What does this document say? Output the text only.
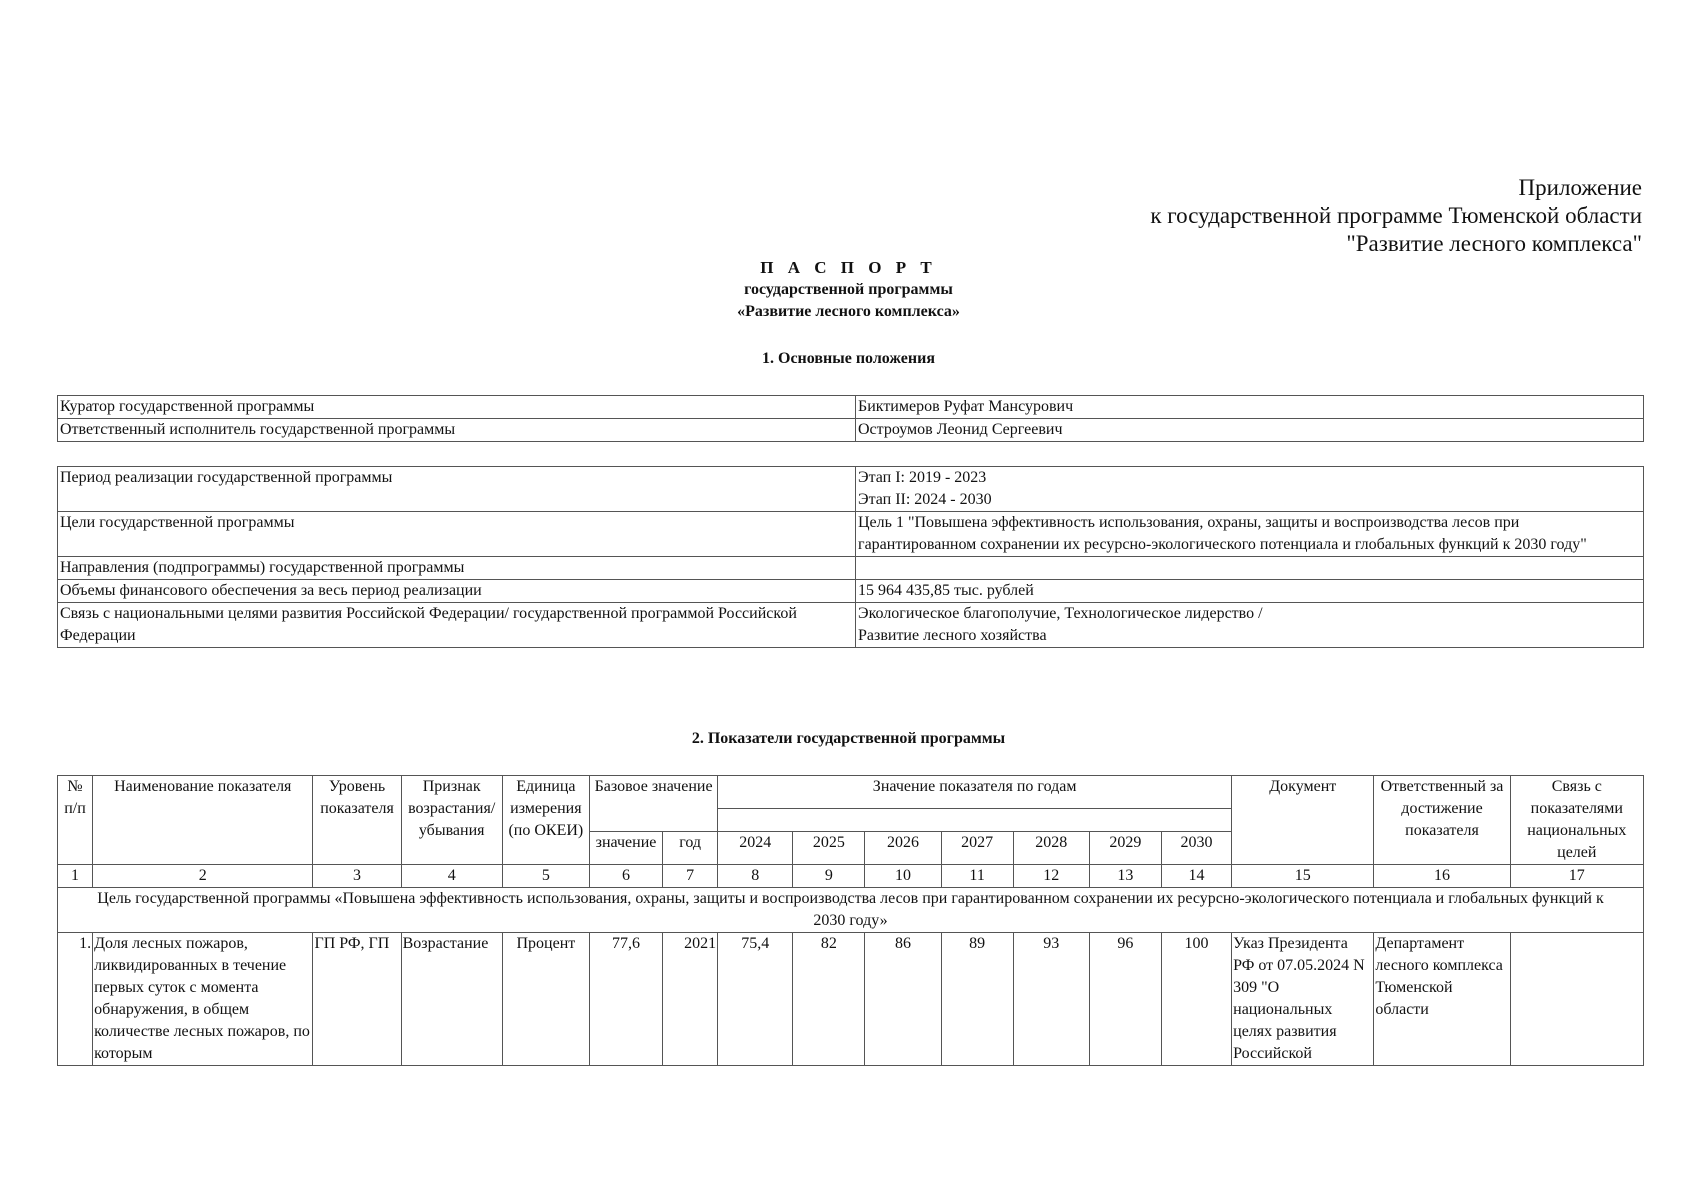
Приложение
к государственной программе Тюменской области
"Развитие лесного комплекса"
П А С П О Р Т
государственной программы
«Развитие лесного комплекса»
1. Основные положения
Куратор государственной программы	Биктимеров Руфат Мансурович
Ответственный исполнитель государственной программы	Остроумов Леонид Сергеевич
Период реализации государственной программы	Этап I: 2019 - 2023
Этап II: 2024 - 2030

Цели государственной программы	Цель 1 "Повышена эффективность использования, охраны, защиты и воспроизводства лесов при гарантированном сохранении их ресурсно-экологического потенциала и глобальных функций к 2030 году"
Направления (подпрограммы) государственной программы	
Объемы финансового обеспечения за весь период реализации	15 964 435,85 тыс. рублей
Связь с национальными целями развития Российской Федерации/ государственной программой Российской Федерации	Экологическое благополучие, Технологическое лидерство /
Развитие лесного хозяйства
2. Показатели государственной программы
№ п/п	Наименование показателя	Уровень показателя	Признак возрастания/ убывания	Единица измерения (по ОКЕИ)	Базовое значение		Значение показателя по годам							Документ	Ответственный за достижение показателя	Связь с показателями национальных целей

					значение	год	2024	2025	2026	2027	2028	2029	2030			
1	2	3	4	5	6	7	8	9	10	11	12	13	14	15	16	17
Цель государственной программы «Повышена эффективность использования, охраны, защиты и воспроизводства лесов при гарантированном сохранении их ресурсно-экологического потенциала и глобальных функций к 2030 году»																
1.	Доля лесных пожаров, ликвидированных в течение первых суток с момента обнаружения, в общем количестве лесных пожаров, по которым	ГП РФ, ГП	Возрастание	Процент	77,6	2021	75,4	82	86	89	93	96	100	Указ Президента РФ от 07.05.2024 N 309 "О национальных целях развития Российской	Департамент лесного комплекса Тюменской области	
